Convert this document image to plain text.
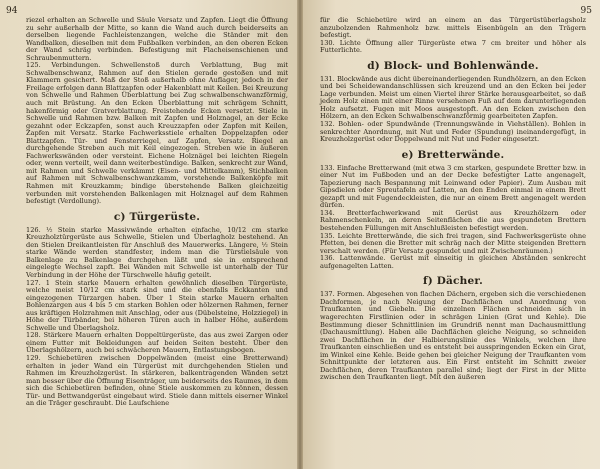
94

riezel erhalten an Schwelle und Säule Versatz und Zapfen. Liegt die Öffnung zu sehr außerhalb der Mitte, so kann die Wand auch durch beiderseits an derselben liegende Fachleistenzangen, welche die Ständer mit den Wandbalken, dieselben mit dem Fußbalken verbinden, an den oberen Ecken der Wand schräg verbinden. Befestigung mit Flacheisenschienen und Schraubenmuttern.

125. Verbindungen. Schwellenstoß durch Verblattung, Bug mit Schwalbenschwanz, Rahmen auf den Stielen gerade gestoßen und mit Klammern gesichert. Maß der Stoß außerhalb ohne Auflager, jedoch in der Freilage erfolgen dann Blattzapfen oder Hakenblatt mit Keilen. Bei Kreuzung von Schwelle und Rahmen Überblattung bei Zug schwalbenschwanzförmig, auch mit Brüstung. An den Ecken Überblattung mit schrägem Schnitt, hakenförmig oder Gratverblattung. Freistehende Ecken versetzt. Stiele in Schwelle und Rahmen bzw. Balken mit Zapfen und Holznagel, an der Ecke gezahnt oder Eckzapfen, sonst auch Kreuzzapfen oder Zapfen mit Keilen, Zapfen mit Versatz. Starke Fachwerksstiele erhalten Doppelzapfen oder Blattzapfen. Tür- und Fensterriegel, auf Zapfen, Versatz. Riegel an durchgehende Streben auch mit Keil eingezogen. Streben wie in äußeren Fachwerkswänden oder versteint. Eichene Holznägel bei leichten Riegeln oder, wenn verteilt, weil dann weiterbestündige. Balken, senkrecht zur Wand, mit Rahmen und Schwelle verkämmt (Eisen- und Mittelkamm), Stichbalken auf Rahmen mit Schwalbenschwanzkamm, vorstehende Balkenköpfe mit Rahmen mit Kreuzkamm; bindige überstehende Balken gleichzeitig verbunden mit vorstehenden Balkenlagen mit Holznagel auf dem Rahmen befestigt (Verdollung).

c) Türgerüste.

126. ½ Stein starke Massivwände erhalten einfache, 10/12 cm starke Kreuzholztürgerüste aus Schwelle, Stielen und Überlagholz bestehend. An den Stielen Dreikantleisten für Anschluß des Mauerwerks. Längere, ½ Stein starke Wände werden standfester, indem man die Türstielsäule von Balkenlage zu Balkenlage durchgehen läßt und sie in entsprechend eingelegte Wechsel zapft. Bei Wänden mit Schwelle ist unterhalb der Tür Verbindung in der Höhe der Türschwelle häufig geteilt.

127. 1 Stein starke Mauern erhalten gewöhnlich dieselben Türgerüste, welche meist 10/12 cm stark sind und die ebenfalls Eckkanten und eingezogenen Türzargen haben. Über 1 Stein starke Mauern erhalten Bohlenzargen aus 4 bis 5 cm starken Bohlen oder hölzernen Rahmen, ferner aus kräftigen Holzrahmen mit Anschlag, oder aus (Dübelsteine, Holzziegel) in Höhe der Türbänder, bei höheren Türen auch in halber Höhe, außerdem Schwelle und Überlagsholz.

128. Stärkere Mauern erhalten Doppeltürgerüste, das aus zwei Zargen oder einem Futter mit Bekleidungen auf beiden Seiten besteht. Über den Überlagshölzern, auch bei schwächeren Mauern, Entlastungsbogen.

129. Schiebetüren zwischen Doppelwänden (meist eine Bretterwand) erhalten in jeder Wand ein Türgerüst mit durchgehenden Stielen und Rahmen im Kreuzholzgerüst. In stärkeren, balkentragenden Wänden setzt man besser über die Öffnung Eisenträger, um beiderseits des Raumes, in dem sich die Schiebetüren befinden, ohne Stiele auskommen zu können, dessen Tür- und Bettwandgerüst eingebaut wird. Stiele dann mittels eiserner Winkel an die Träger geschraubt. Die Laufschiene

95

für die Schiebetüre wird an einem an das Türgerüstüberlagsholz anzubolzenden Rahmenholz bzw. mittels Eisenbügeln an den Trägern befestigt.

130. Lichte Öffnung aller Türgerüste etwa 7 cm breiter und höher als Futterlichte.

d) Block- und Bohlenwände.

131. Blockwände aus dicht übereinanderliegenden Rundhölzern, an den Ecken und bei Scheidewandanschlüssen sich kreuzend und an den Ecken bei jeder Lage verbunden. Meist um einen Viertel ihrer Stärke herausgearbeitet, so daß jedem Holz einen mit einer Rinne versehenen Fuß auf dem darunterliegenden Holz aufsetzt. Fugen mit Moos ausgestopft. An den Ecken zwischen den Hölzern, an den Ecken Schwalbenschwanzförmig gearbeiteten Zapfen.

132. Bohlen- oder Spundwände (Trennungswände in Viehställen). Bohlen in senkrechter Anordnung, mit Nut und Feder (Spundung) ineinandergefügt, in Kreuzholzgerüst oder Doppelwand mit Nut und Feder eingesetzt.

e) Bretterwände.

133. Einfache Bretterwand (mit etwa 3 cm starken, gespundete Bretter bzw. in einer Nut im Fußboden und an der Decke befestigter Latte angenagelt, Tapezierung nach Bespannung mit Leinwand oder Papier). Zum Ausbau mit Gipsdielen oder Spreutafeln auf Latten, an den Enden einmal in einem Brett gezapft und mit Fugendeckleisten, die nur an einem Brett angenagelt werden dürfen.

134. Bretterfachwerkwand mit Gerüst aus Kreuzhölzern oder Rahmenschenkeln, an deren Seitenflächen die aus gespundeten Brettern bestehenden Füllungen mit Anschlußleisten befestigt werden.

135. Leichte Bretterwände, die sich frei tragen, sind Fachwerksgerüste ohne Pfetten, bei denen die Bretter mit schräg nach der Mitte steigenden Brettern verschalt werden. (Für Versatz gespundet und mit Zwischenräumen.)

136. Lattenwände. Gerüst mit einseitig in gleichen Abständen senkrecht aufgenagelten Latten.

f) Dächer.

137. Formen. Abgesehen von flachen Dächern, ergeben sich die verschiedenen Dachformen, je nach Neigung der Dachflächen und Anordnung von Traufkanten und Giebeln. Die einzelnen Flächen schneiden sich in wagerechten Firstlinien oder in schrägen Linien (Grat und Kehle). Die Bestimmung dieser Schnittlinien im Grundriß nennt man Dachausmittlung (Dachausmittlung). Haben alle Dachflächen gleiche Neigung, so schneiden zwei Dachflächen in der Halbierungslinie des Winkels, welchen ihre Traufkanten einschließen und es entsteht bei ausspringenden Ecken ein Grat, im Winkel eine Kehle. Beide gehen bei gleicher Neigung der Traufkanten vom Schnittpunkte der letzteren aus. Ein First entsteht im Schnitt zweier Dachflächen, deren Traufkanten parallel sind; liegt der First in der Mitte zwischen den Traufkanten liegt. Mit den äußeren
